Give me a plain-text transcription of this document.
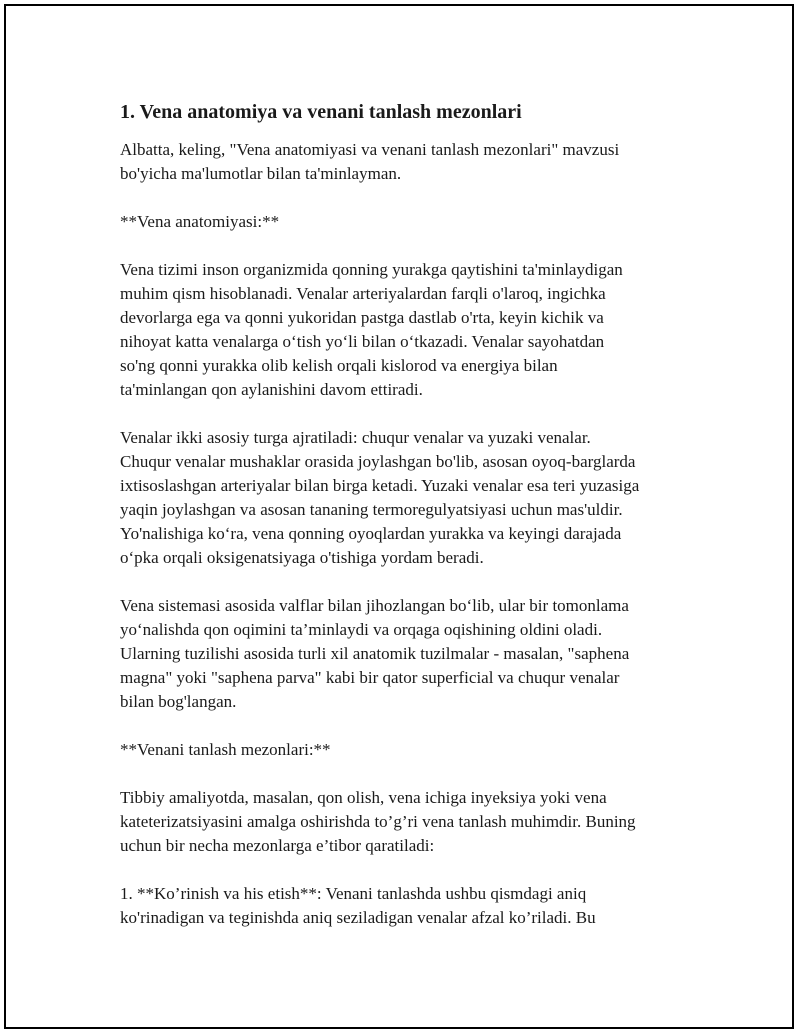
1. Vena anatomiya va venani tanlash mezonlari

Albatta, keling, "Vena anatomiyasi va venani tanlash mezonlari" mavzusi
bo'yicha ma'lumotlar bilan ta'minlayman.

**Vena anatomiyasi:**

Vena tizimi inson organizmida qonning yurakga qaytishini ta'minlaydigan
muhim qism hisoblanadi. Venalar arteriyalardan farqli o'laroq, ingichka
devorlarga ega va qonni yukoridan pastga dastlab o'rta, keyin kichik va
nihoyat katta venalarga o‘tish yo‘li bilan o‘tkazadi. Venalar sayohatdan
so'ng qonni yurakka olib kelish orqali kislorod va energiya bilan
ta'minlangan qon aylanishini davom ettiradi.

Venalar ikki asosiy turga ajratiladi: chuqur venalar va yuzaki venalar.
Chuqur venalar mushaklar orasida joylashgan bo'lib, asosan oyoq-barglarda
ixtisoslashgan arteriyalar bilan birga ketadi. Yuzaki venalar esa teri yuzasiga
yaqin joylashgan va asosan tananing termoregulyatsiyasi uchun mas'uldir.
Yo'nalishiga ko‘ra, vena qonning oyoqlardan yurakka va keyingi darajada
o‘pka orqali oksigenatsiyaga o'tishiga yordam beradi.

Vena sistemasi asosida valflar bilan jihozlangan bo‘lib, ular bir tomonlama
yo‘nalishda qon oqimini ta’minlaydi va orqaga oqishining oldini oladi.
Ularning tuzilishi asosida turli xil anatomik tuzilmalar - masalan, "saphena
magna" yoki "saphena parva" kabi bir qator superficial va chuqur venalar
bilan bog'langan.

**Venani tanlash mezonlari:**

Tibbiy amaliyotda, masalan, qon olish, vena ichiga inyeksiya yoki vena
kateterizatsiyasini amalga oshirishda to’g’ri vena tanlash muhimdir. Buning
uchun bir necha mezonlarga e’tibor qaratiladi:

1. **Ko’rinish va his etish**: Venani tanlashda ushbu qismdagi aniq
ko'rinadigan va teginishda aniq seziladigan venalar afzal ko’riladi. Bu
